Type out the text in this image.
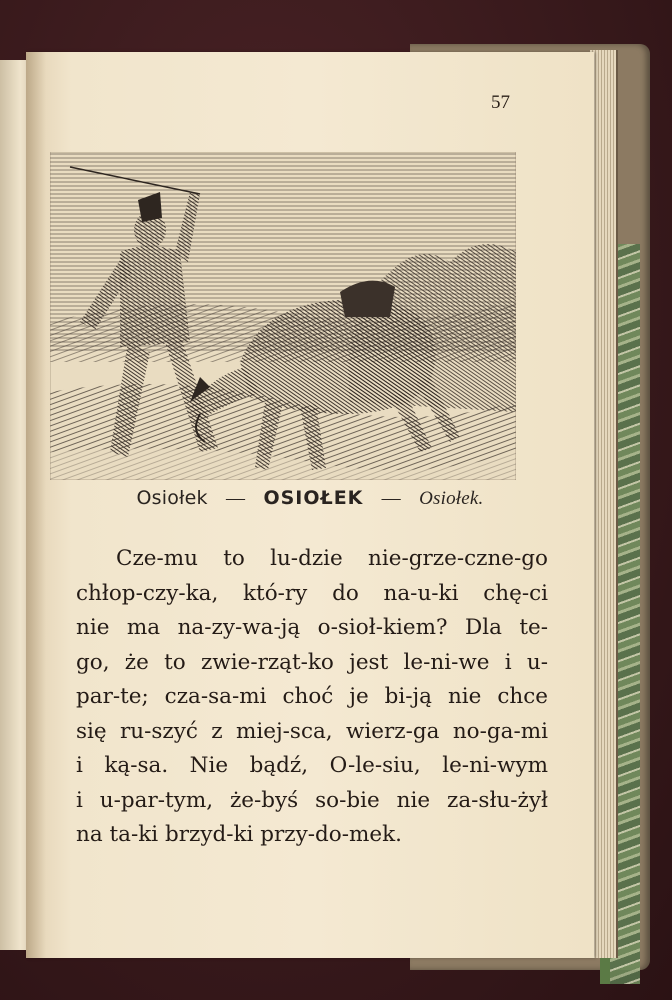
57
Osiołek — OSIOŁEK — Osiołek.
Cze-mu to lu-dzie nie-grze-czne-go
chłop-czy-ka, któ-ry do na-u-ki chę-ci
nie ma na-zy-wa-ją o-sioł-kiem? Dla te-
go, że to zwie-rząt-ko jest le-ni-we i u-
par-te; cza-sa-mi choć je bi-ją nie chce
się ru-szyć z miej-sca, wierz-ga no-ga-mi
i ką-sa. Nie bądź, O-le-siu, le-ni-wym
i u-par-tym, że-byś so-bie nie za-słu-żył
na ta-ki brzyd-ki przy-do-mek.
